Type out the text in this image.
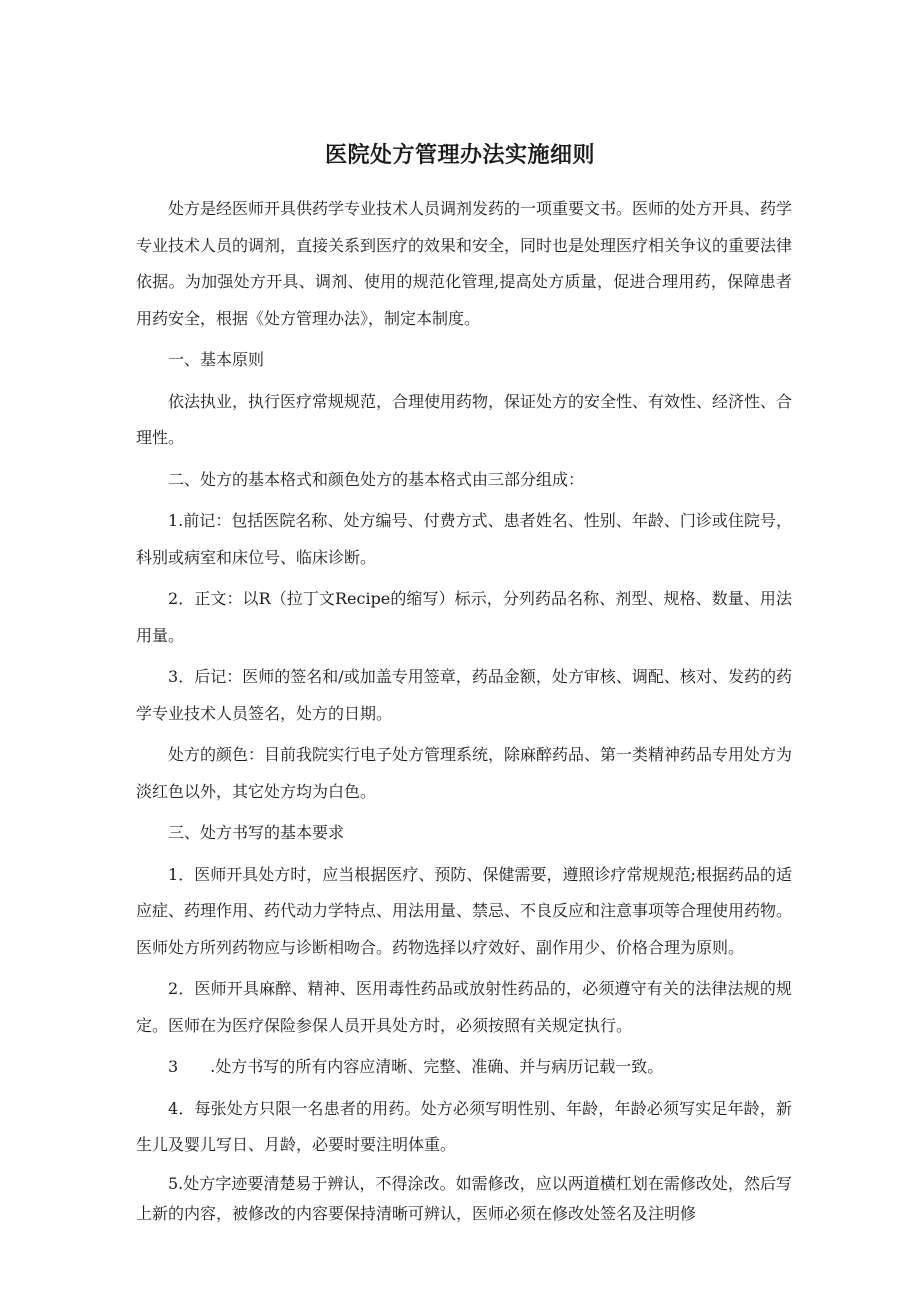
医院处方管理办法实施细则

处方是经医师开具供药学专业技术人员调剂发药的一项重要文书。医师的处方开具、药学专业技术人员的调剂，直接关系到医疗的效果和安全，同时也是处理医疗相关争议的重要法律依据。为加强处方开具、调剂、使用的规范化管理,提高处方质量，促进合理用药，保障患者用药安全，根据《处方管理办法》，制定本制度。

一、基本原则

依法执业，执行医疗常规规范，合理使用药物，保证处方的安全性、有效性、经济性、合理性。

二、处方的基本格式和颜色处方的基本格式由三部分组成：

1.前记：包括医院名称、处方编号、付费方式、患者姓名、性别、年龄、门诊或住院号，科别或病室和床位号、临床诊断。

2．正文：以R（拉丁文Recipe的缩写）标示，分列药品名称、剂型、规格、数量、用法用量。

3．后记：医师的签名和/或加盖专用签章，药品金额，处方审核、调配、核对、发药的药学专业技术人员签名，处方的日期。

处方的颜色：目前我院实行电子处方管理系统，除麻醉药品、第一类精神药品专用处方为淡红色以外，其它处方均为白色。

三、处方书写的基本要求

1．医师开具处方时，应当根据医疗、预防、保健需要，遵照诊疗常规规范;根据药品的适应症、药理作用、药代动力学特点、用法用量、禁忌、不良反应和注意事项等合理使用药物。医师处方所列药物应与诊断相吻合。药物选择以疗效好、副作用少、价格合理为原则。

2．医师开具麻醉、精神、医用毒性药品或放射性药品的，必须遵守有关的法律法规的规定。医师在为医疗保险参保人员开具处方时，必须按照有关规定执行。

3　　.处方书写的所有内容应清晰、完整、准确、并与病历记载一致。

4．每张处方只限一名患者的用药。处方必须写明性别、年龄，年龄必须写实足年龄，新生儿及婴儿写日、月龄，必要时要注明体重。

5.处方字迹要清楚易于辨认，不得涂改。如需修改，应以两道横杠划在需修改处，然后写上新的内容，被修改的内容要保持清晰可辨认，医师必须在修改处签名及注明修
